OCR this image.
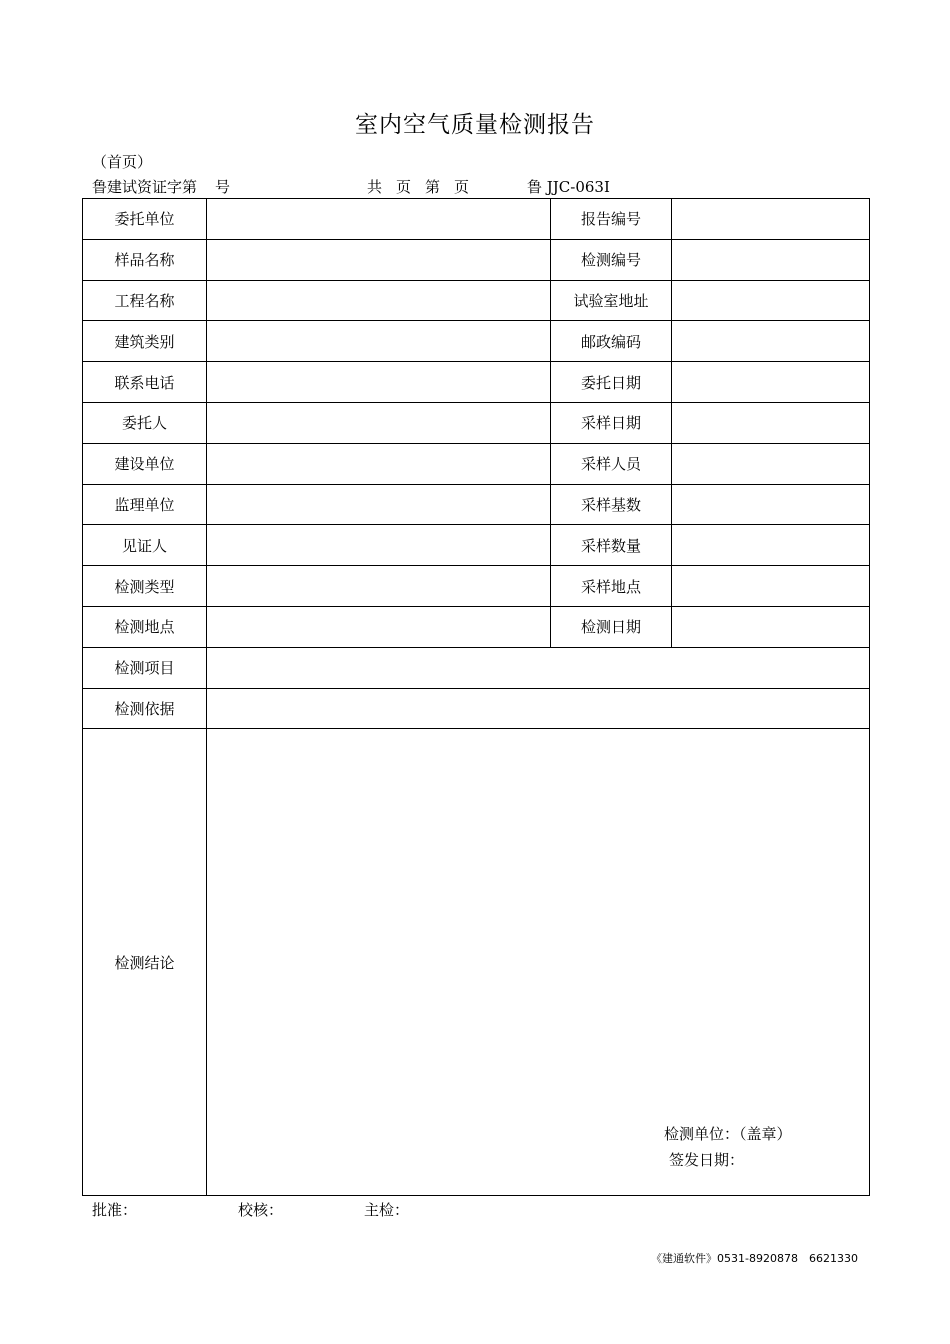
室内空气质量检测报告
（首页）
鲁建试资证字第 号	共 页 第 页	鲁 JJC-063Ⅰ
委托单位		报告编号	
样品名称		检测编号	
工程名称		试验室地址	
建筑类别		邮政编码	
联系电话		委托日期	
委托人		采样日期	
建设单位		采样人员	
监理单位		采样基数	
见证人		采样数量	
检测类型		采样地点	
检测地点		检测日期	
检测项目			
检测依据			
检测结论	检测单位：（盖章）
签发日期：		
批准：	校核：	主检：
《建通软件》0531-8920878　6621330
